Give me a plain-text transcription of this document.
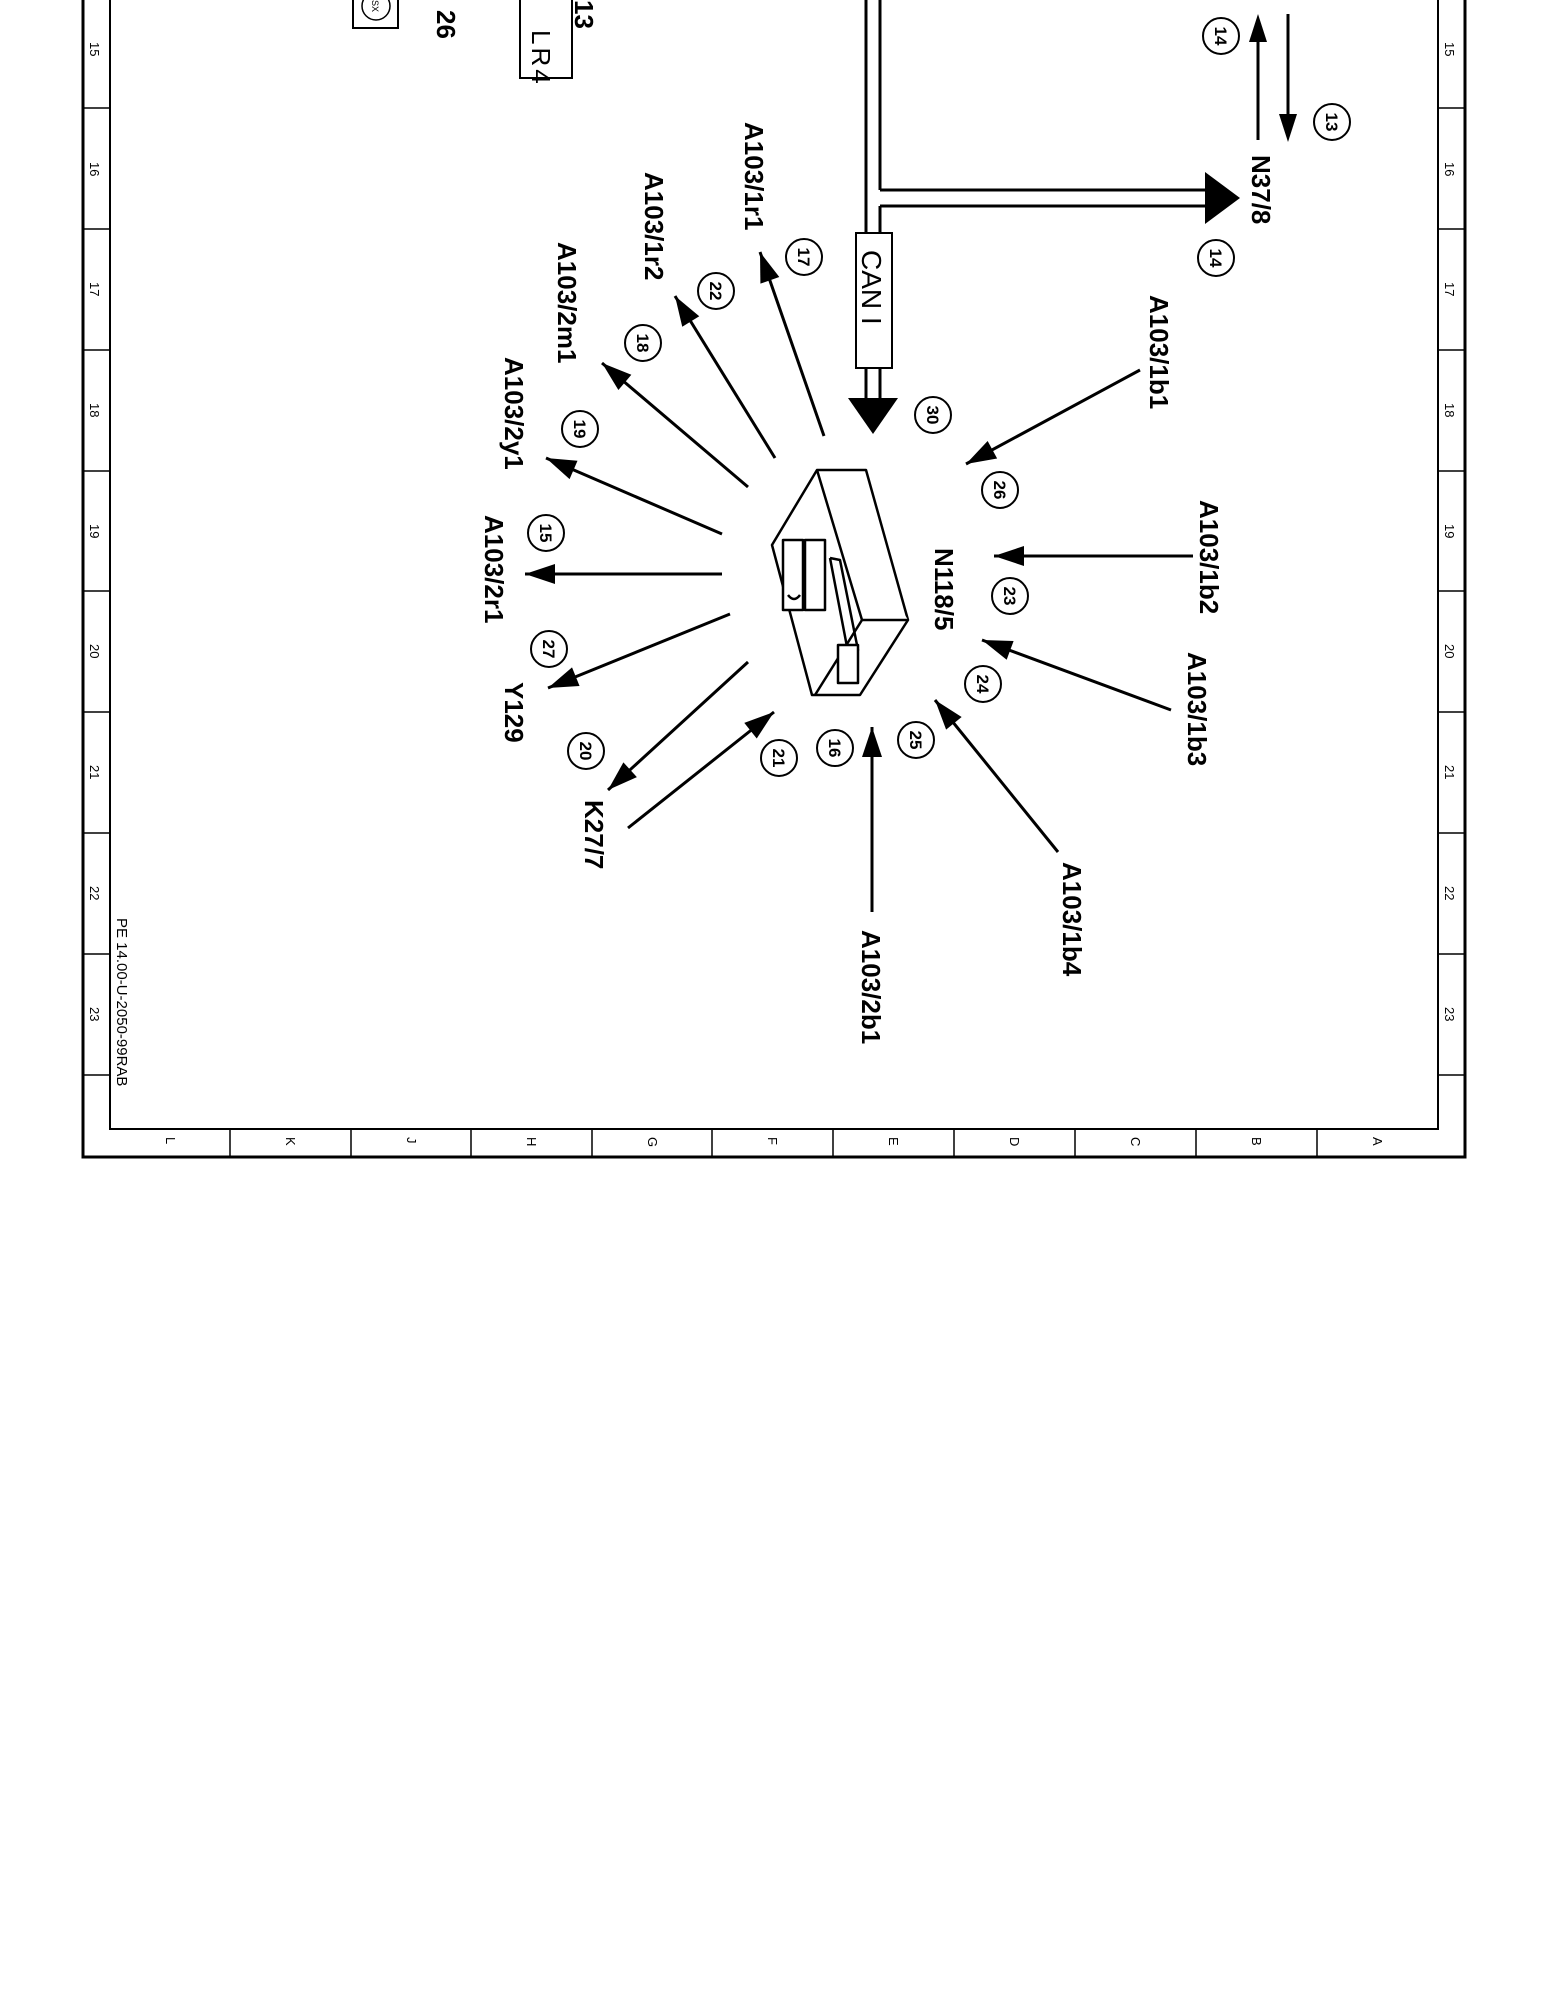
15	15
16	16
17	17
18	18
19	19
20	20
21	21
22	22
23	23
L	K	J	H	G	F	E	D	C	B	A
PE 14.00-U-2050-99RAB
SX
26	13
LR4
CAN I
N37/8
N118/5
17
A103/1r1
22
A103/1r2
18
A103/2m1
19
A103/2y1
15
A103/2r1
27
Y129
20
K27/7
21
16
A103/2b1
25
A103/1b4
24	A103/1b3
23	A103/1b2
26
A103/1b1
30
14
14
13
